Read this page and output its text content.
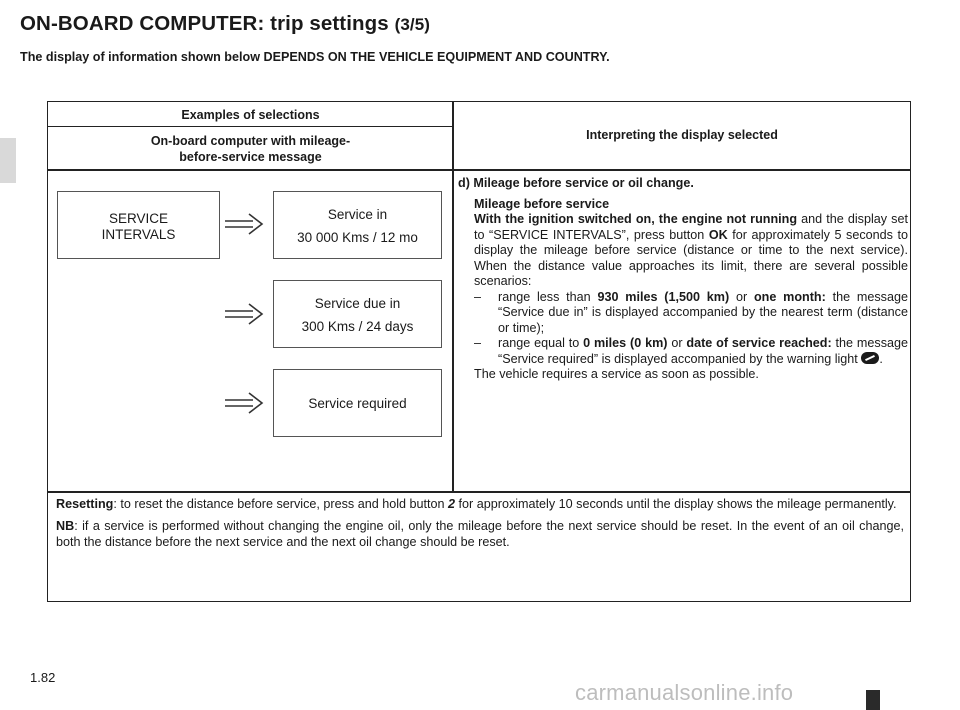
ON-BOARD COMPUTER: trip settings (3/5)

The display of information shown below DEPENDS ON THE VEHICLE EQUIPMENT AND COUNTRY.

Examples of selections
On-board computer with mileage-
before-service message
Interpreting the display selected
SERVICE
INTERVALS
Service in
30 000 Kms / 12 mo
Service due in
300 Kms / 24 days
Service required
d) Mileage before service or oil change.
Mileage before service

With the ignition switched on, the engine not running and the display set to “SERVICE INTERVALS”, press button OK for approximately 5 seconds to display the mileage before service (distance or time to the next service). When the distance value approaches its limit, there are several possible scenarios:

– range less than 930 miles (1,500 km) or one month: the message “Service due in” is displayed accompanied by the nearest term (distance or time);
– range equal to 0 miles (0 km) or date of service reached: the message “Service required” is displayed accompanied by the warning light .

The vehicle requires a service as soon as possible.

Resetting: to reset the distance before service, press and hold button 2 for approximately 10 seconds until the display shows the mileage permanently.

NB: if a service is performed without changing the engine oil, only the mileage before the next service should be reset. In the event of an oil change, both the distance before the next service and the next oil change should be reset.

1.82
carmanualsonline.info
